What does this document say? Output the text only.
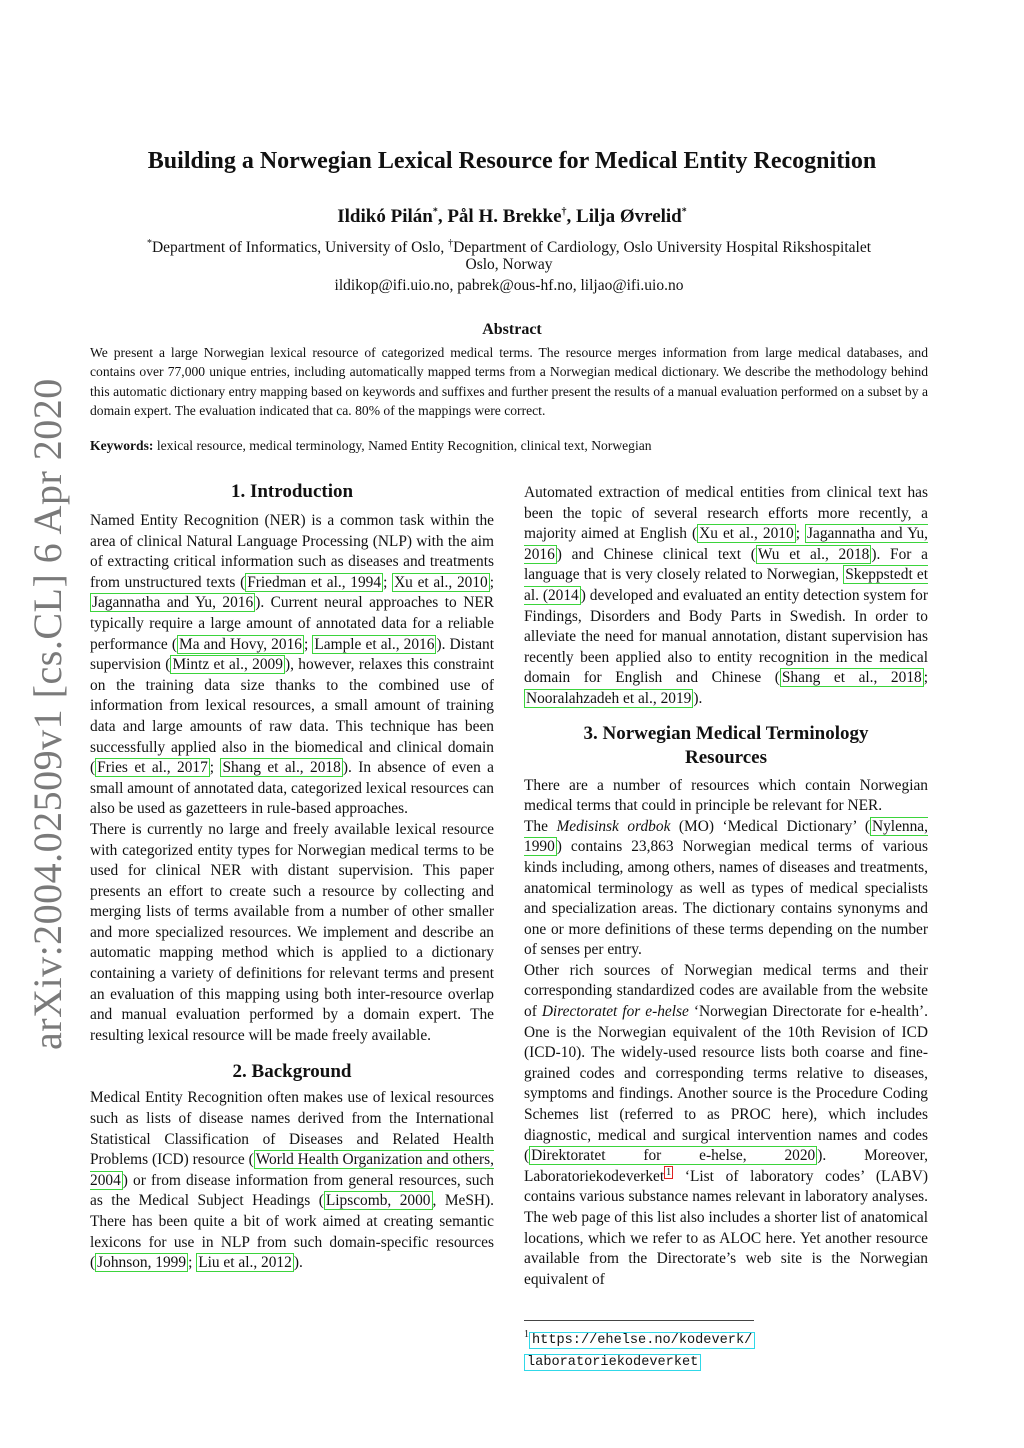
arXiv:2004.02509v1 [cs.CL] 6 Apr 2020
Building a Norwegian Lexical Resource for Medical Entity Recognition
Ildikó Pilán*, Pål H. Brekke†, Lilja Øvrelid*
*Department of Informatics, University of Oslo, †Department of Cardiology, Oslo University Hospital Rikshospitalet
Oslo, Norway
ildikop@ifi.uio.no, pabrek@ous-hf.no, liljao@ifi.uio.no
Abstract
We present a large Norwegian lexical resource of categorized medical terms. The resource merges information from large medical databases, and contains over 77,000 unique entries, including automatically mapped terms from a Norwegian medical dictionary. We describe the methodology behind this automatic dictionary entry mapping based on keywords and suffixes and further present the results of a manual evaluation performed on a subset by a domain expert. The evaluation indicated that ca. 80% of the mappings were correct.
Keywords: lexical resource, medical terminology, Named Entity Recognition, clinical text, Norwegian
1. Introduction

Named Entity Recognition (NER) is a common task within the area of clinical Natural Language Processing (NLP) with the aim of extracting critical information such as diseases and treatments from unstructured texts ( Friedman et al., 1994 ; Xu et al., 2010 ; Jagannatha and Yu, 2016 ). Current neural approaches to NER typically require a large amount of annotated data for a reliable performance ( Ma and Hovy, 2016 ; Lample et al., 2016 ). Distant supervision ( Mintz et al., 2009 ), however, relaxes this constraint on the training data size thanks to the combined use of information from lexical resources, a small amount of training data and large amounts of raw data. This technique has been successfully applied also in the biomedical and clinical domain ( Fries et al., 2017 ; Shang et al., 2018 ). In absence of even a small amount of annotated data, categorized lexical resources can also be used as gazetteers in rule-based approaches.

There is currently no large and freely available lexical resource with categorized entity types for Norwegian medical terms to be used for clinical NER with distant supervision. This paper presents an effort to create such a resource by collecting and merging lists of terms available from a number of other smaller and more specialized resources. We implement and describe an automatic mapping method which is applied to a dictionary containing a variety of definitions for relevant terms and present an evaluation of this mapping using both inter-resource overlap and manual evaluation performed by a domain expert. The resulting lexical resource will be made freely available.

2. Background

Medical Entity Recognition often makes use of lexical resources such as lists of disease names derived from the International Statistical Classification of Diseases and Related Health Problems (ICD) resource ( World Health Organization and others, 2004 ) or from disease information from general resources, such as the Medical Subject Headings ( Lipscomb, 2000 , MeSH). There has been quite a bit of work aimed at creating semantic lexicons for use in NLP from such domain-specific resources ( Johnson, 1999 ; Liu et al., 2012 ).

Automated extraction of medical entities from clinical text has been the topic of several research efforts more recently, a majority aimed at English ( Xu et al., 2010 ; Jagannatha and Yu, 2016 ) and Chinese clinical text ( Wu et al., 2018 ). For a language that is very closely related to Norwegian, Skeppstedt et al. (2014 ) developed and evaluated an entity detection system for Findings, Disorders and Body Parts in Swedish. In order to alleviate the need for manual annotation, distant supervision has recently been applied also to entity recognition in the medical domain for English and Chinese ( Shang et al., 2018 ; Nooralahzadeh et al., 2019 ).

3. Norwegian Medical Terminology Resources

There are a number of resources which contain Norwegian medical terms that could in principle be relevant for NER.

The Medisinsk ordbok (MO) ‘Medical Dictionary’ ( Nylenna, 1990 ) contains 23,863 Norwegian medical terms of various kinds including, among others, names of diseases and treatments, anatomical terminology as well as types of medical specialists and specialization areas. The dictionary contains synonyms and one or more definitions of these terms depending on the number of senses per entry.

Other rich sources of Norwegian medical terms and their corresponding standardized codes are available from the website of Directoratet for e-helse ‘Norwegian Directorate for e-health’. One is the Norwegian equivalent of the 10th Revision of ICD (ICD-10). The widely-used resource lists both coarse and fine-grained codes and corresponding terms relative to diseases, symptoms and findings. Another source is the Procedure Coding Schemes list (referred to as PROC here), which includes diagnostic, medical and surgical intervention names and codes ( Direktoratet for e-helse, 2020 ). Moreover, Laboratoriekodeverket $^1$ ‘List of laboratory codes’ (LABV) contains various substance names relevant in laboratory analyses. The web page of this list also includes a shorter list of anatomical locations, which we refer to as ALOC here. Yet another resource available from the Directorate’s web site is the Norwegian equivalent of

$^1$ https://ehelse.no/kodeverk/
laboratoriekodeverket
